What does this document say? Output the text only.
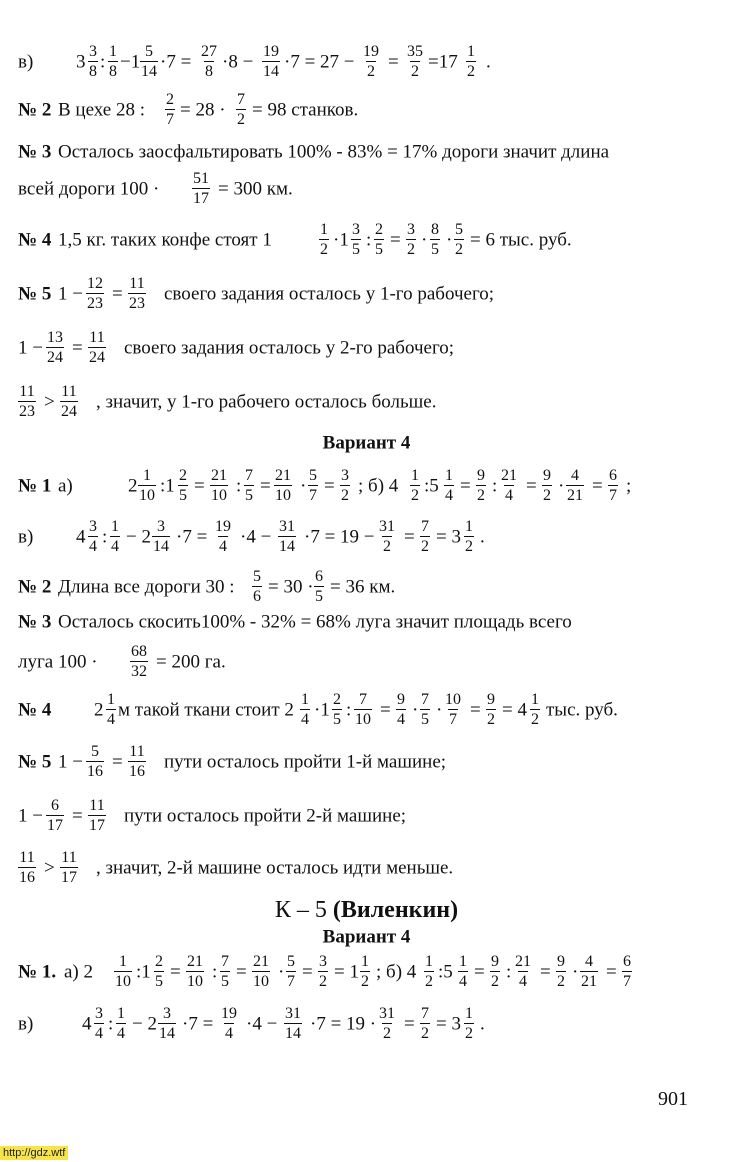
в) $3 \frac{3}{8}$ : $\frac{1}{8} -1 \frac{5}{14} \cdot 7 = \frac{27}{8} \cdot 8 - \frac{19}{14} \cdot 7 = 27 - \frac{19}{2} = \frac{35}{2} =17 \frac{1}{2}$ .
№ 2 В цехе 28 : $\frac{2}{7} = 28 \cdot \frac{7}{2} = 98$ станков.
№ 3 Осталось заосфальтировать 100% - 83% = 17% дороги значит длина
всей дороги $100 \cdot \frac{51}{17} = 300$ км.
№ 4 1,5 кг. таких конфе стоят 1	$\frac{1}{2} \cdot 1 \frac{3}{5}$ : $\frac{2}{5} = \frac{3}{2} \cdot \frac{8}{5} \cdot \frac{5}{2} = 6$ тыс. руб.
№ 5 $1 - \frac{12}{23} = \frac{11}{23}$ своего задания осталось у 1-го рабочего;
$1 - \frac{13}{24} = \frac{11}{24}$ своего задания осталось у 2-го рабочего;
$\frac{11}{23} > \frac{11}{24}$ , значит, у 1-го рабочего осталось больше.
Вариант 4
№ 1 а)	$2 \frac{1}{10}$ :1 $\frac{2}{5} = \frac{21}{10}$ : $\frac{7}{5} = \frac{21}{10} \cdot \frac{5}{7} = \frac{3}{2}$ ; б) $4 \frac{1}{2}$ :5 $\frac{1}{4} = \frac{9}{2}$ : $\frac{21}{4} = \frac{9}{2} \cdot \frac{4}{21} = \frac{6}{7}$ ;
в) $4 \frac{3}{4}$ : $\frac{1}{4} - 2 \frac{3}{14} \cdot 7 = \frac{19}{4} \cdot 4 - \frac{31}{14} \cdot 7 = 19 - \frac{31}{2} = \frac{7}{2} = 3 \frac{1}{2}$ .
№ 2 Длина все дороги 30 : $\frac{5}{6} = 30 \cdot \frac{6}{5} = 36$ км.
№ 3 Осталось скосить100% - 32% = 68% луга значит площадь всего
луга $100 \cdot \frac{68}{32} = 200$ га.
№ 4 $2 \frac{1}{4}$ м такой ткани стоит $2 \frac{1}{4} \cdot 1 \frac{2}{5}$ : $\frac{7}{10} = \frac{9}{4} \cdot \frac{7}{5} \cdot \frac{10}{7} = \frac{9}{2} = 4 \frac{1}{2}$ тыс. руб.
№ 5 $1 - \frac{5}{16} = \frac{11}{16}$ пути осталось пройти 1-й машине;
$1 - \frac{6}{17} = \frac{11}{17}$ пути осталось пройти 2-й машине;
$\frac{11}{16} > \frac{11}{17}$ , значит, 2-й машине осталось идти меньше.
К – 5 (Виленкин)
Вариант 4
№ 1. а) $2 \frac{1}{10}$ :1 $\frac{2}{5} = \frac{21}{10}$ : $\frac{7}{5} = \frac{21}{10} \cdot \frac{5}{7} = \frac{3}{2} = 1 \frac{1}{2}$ ; б) $4 \frac{1}{2}$ :5 $\frac{1}{4} = \frac{9}{2}$ : $\frac{21}{4} = \frac{9}{2} \cdot \frac{4}{21} = \frac{6}{7}$
в)	$4 \frac{3}{4}$ : $\frac{1}{4} - 2 \frac{3}{14} \cdot 7 = \frac{19}{4} \cdot 4 - \frac{31}{14} \cdot 7 = 19 \cdot \frac{31}{2} = \frac{7}{2} = 3 \frac{1}{2}$ .
901
http://gdz.wtf
